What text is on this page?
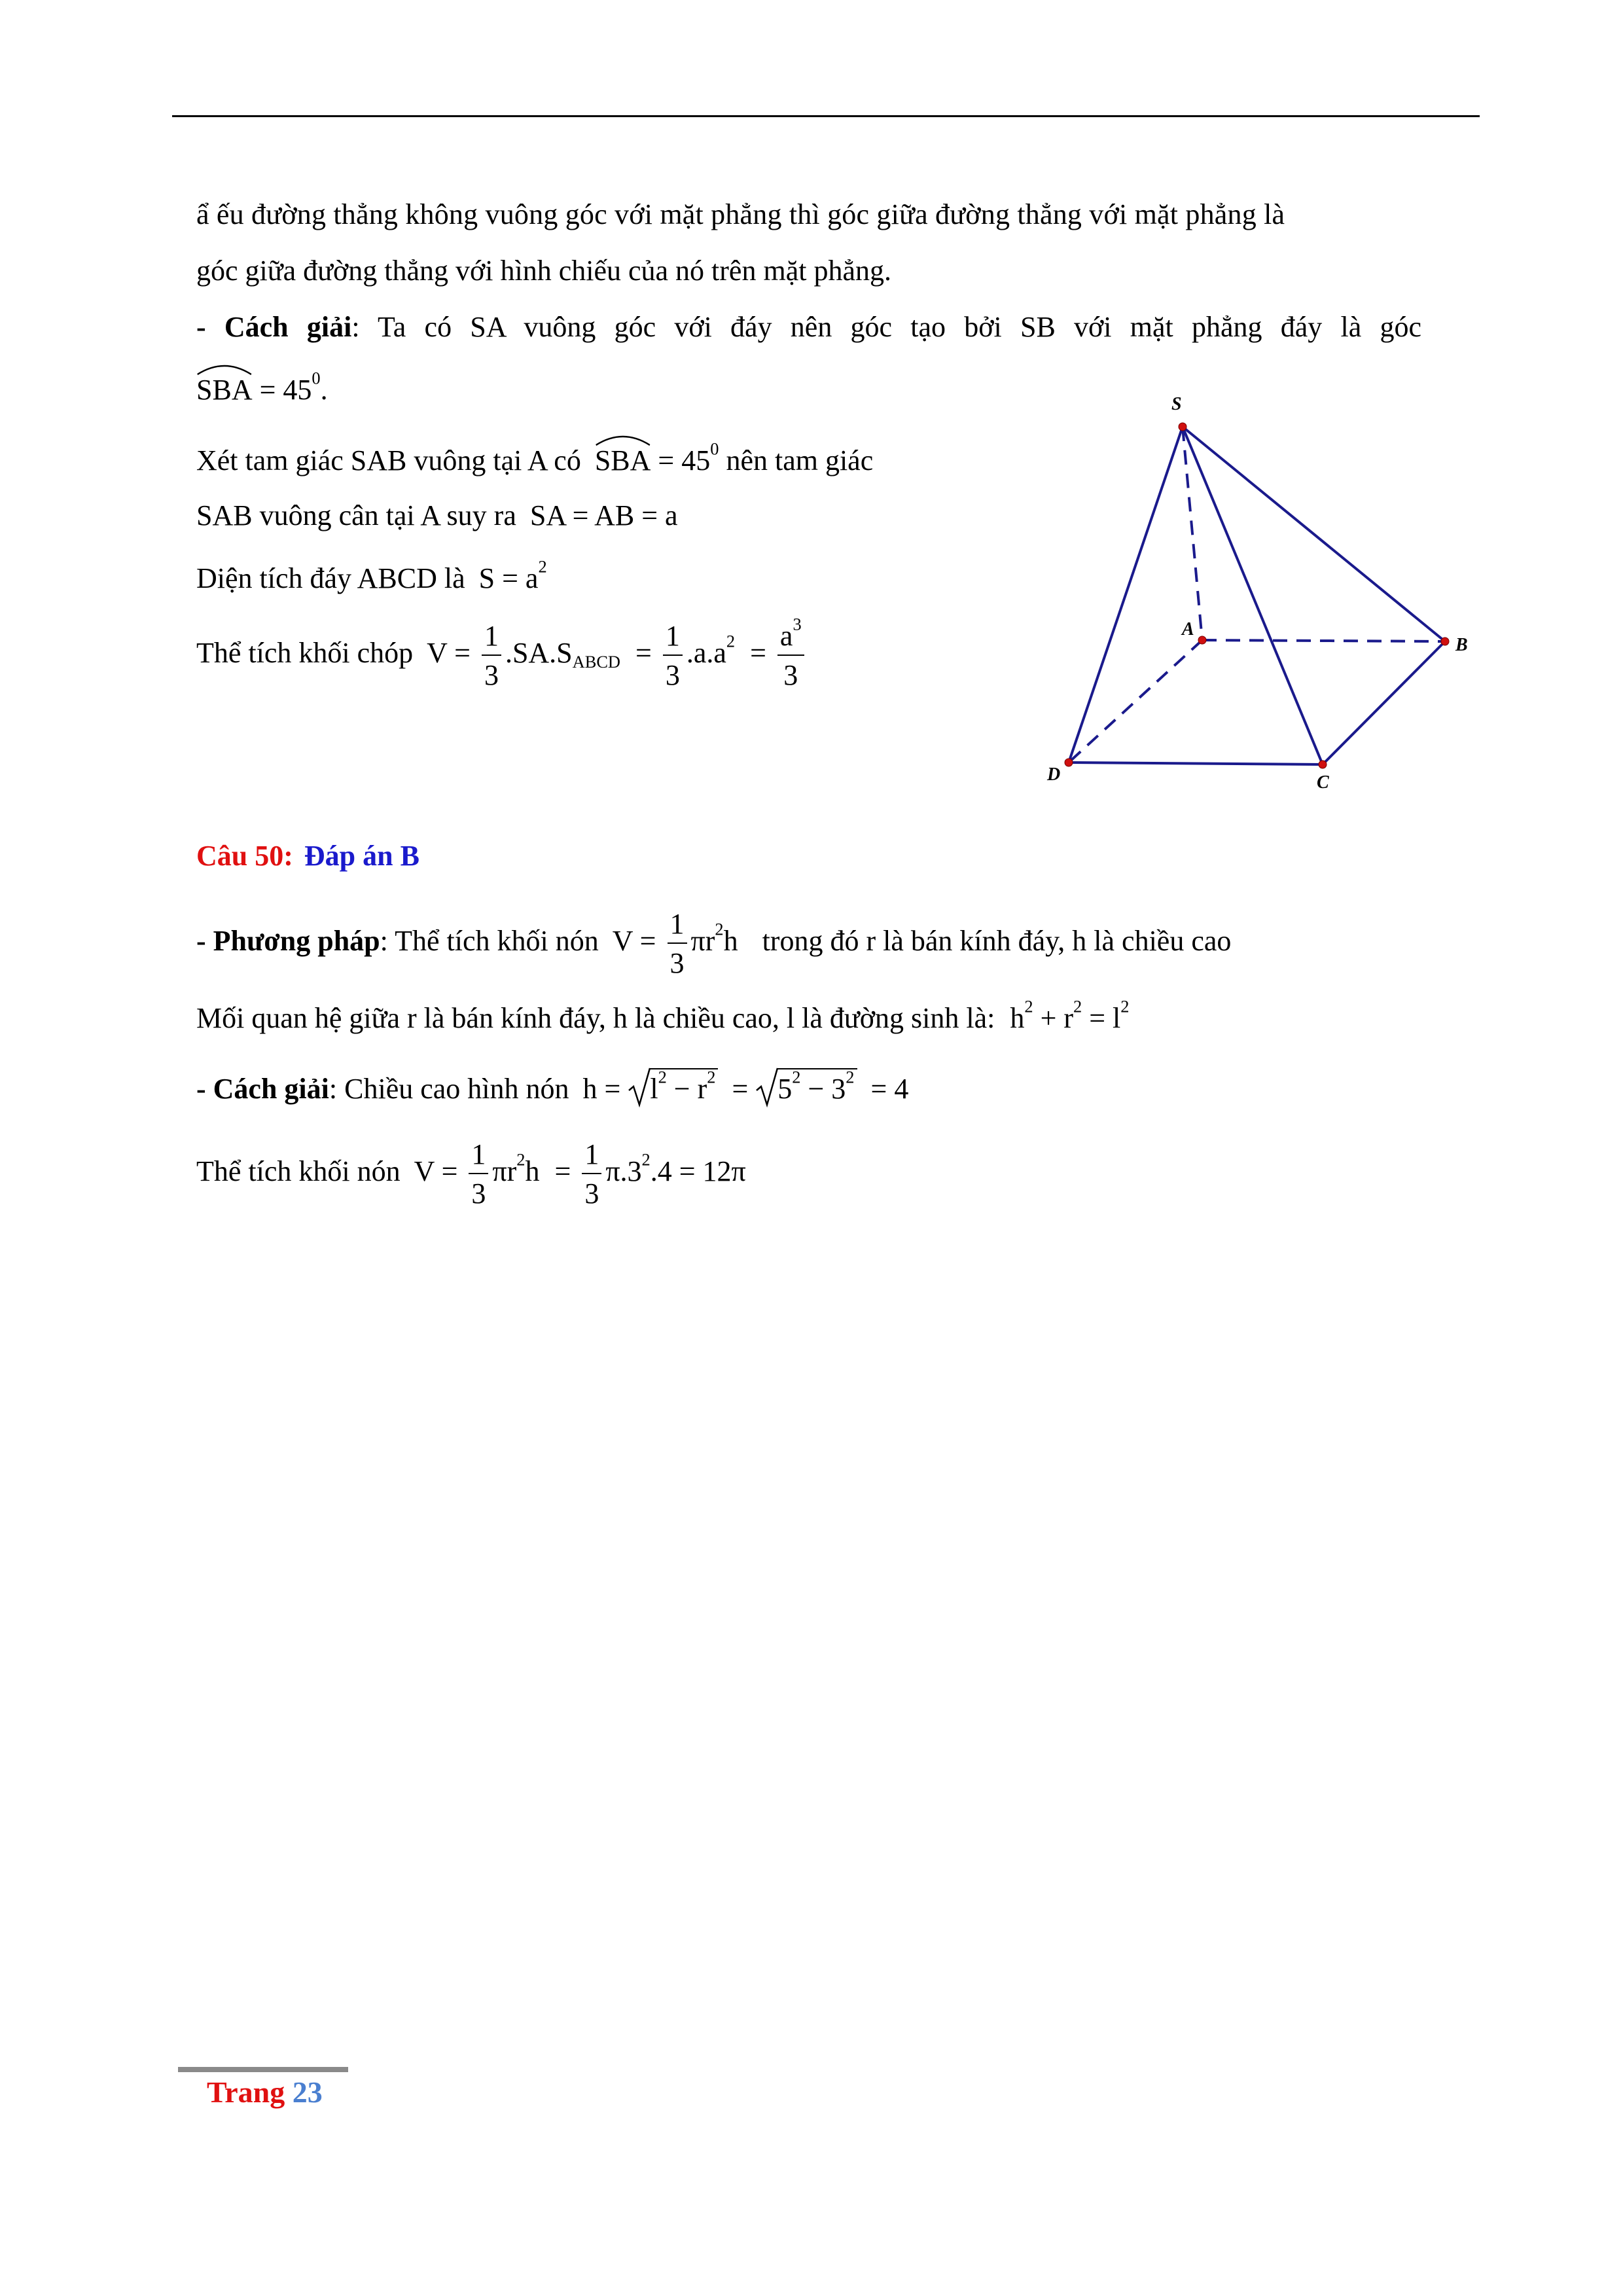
ẩ ếu đường thẳng không vuông góc với mặt phẳng thì góc giữa đường thẳng với mặt phẳng là
góc giữa đường thẳng với hình chiếu của nó trên mặt phẳng.
- Cách giải: Ta có SA vuông góc với đáy nên góc tạo bởi SB với mặt phẳng đáy là góc
SBA = $45^0$.
Xét tam giác SAB vuông tại A có SBA = $45^0$ nên tam giác
SAB vuông cân tại A suy ra SA = AB = a
Diện tích đáy ABCD là $S = a^2$
Thể tích khối chóp $V = \frac{1}{3} .SA.S_{ABCD} = \frac{1}{3} .a.a^2 = \frac{a^3}{3}$
S
A
B
C
D
Câu 50: Đáp án B
- Phương pháp: Thể tích khối nón $V = \frac{1}{3} \pi r^2h$ trong đó r là bán kính đáy, h là chiều cao
Mối quan hệ giữa r là bán kính đáy, h là chiều cao, l là đường sinh là: $h^2 + r^2 = l^2$
- Cách giải: Chiều cao hình nón $h = l^2 - r^2 = 5^2 - 3^2 = 4$
Thể tích khối nón $V = \frac{1}{3} \pi r^2h = \frac{1}{3} \pi.3^2.4 = 12\pi$
Trang 23
